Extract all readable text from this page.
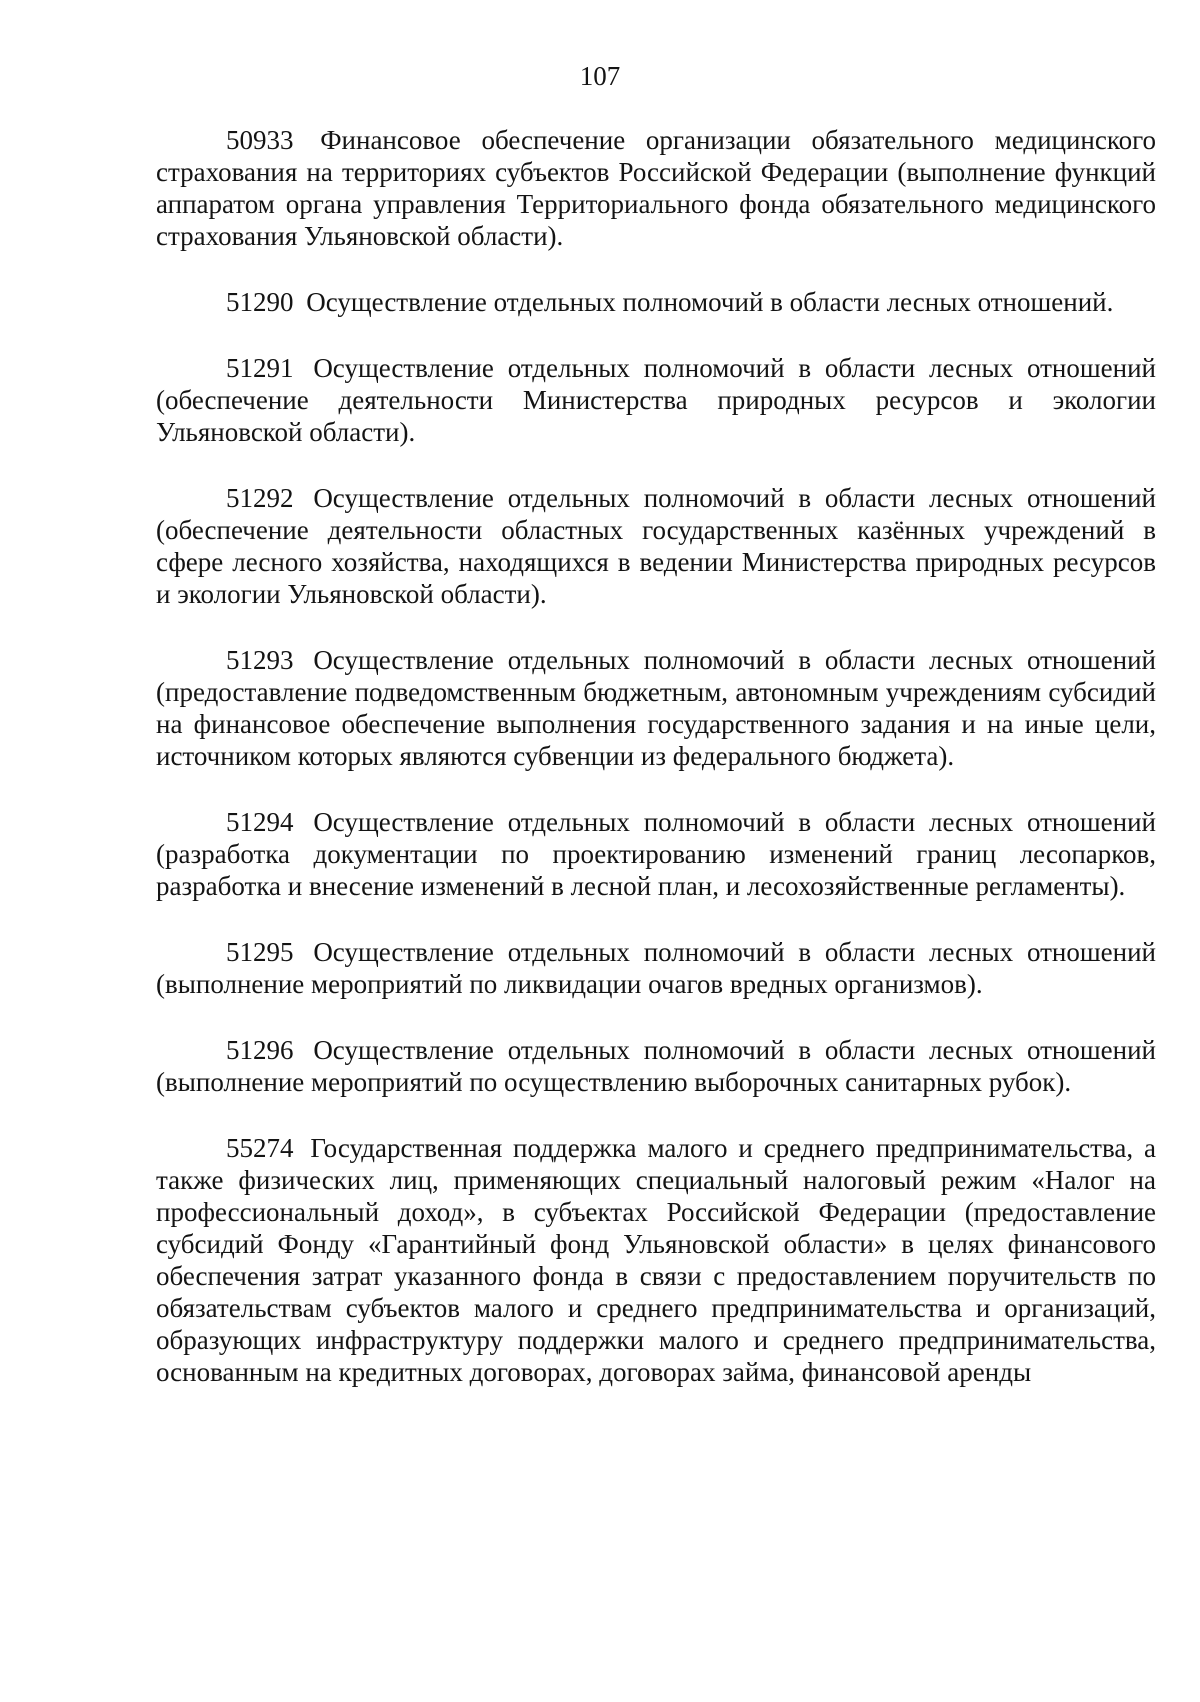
107

50933 Финансовое обеспечение организации обязательного медицинского страхования на территориях субъектов Российской Федерации (выполнение функций аппаратом органа управления Территориального фонда обязательного медицинского страхования Ульяновской области).

51290 Осуществление отдельных полномочий в области лесных отношений.

51291 Осуществление отдельных полномочий в области лесных отношений (обеспечение деятельности Министерства природных ресурсов и экологии Ульяновской области).

51292 Осуществление отдельных полномочий в области лесных отношений (обеспечение деятельности областных государственных казённых учреждений в сфере лесного хозяйства, находящихся в ведении Министерства природных ресурсов и экологии Ульяновской области).

51293 Осуществление отдельных полномочий в области лесных отношений (предоставление подведомственным бюджетным, автономным учреждениям субсидий на финансовое обеспечение выполнения государственного задания и на иные цели, источником которых являются субвенции из федерального бюджета).

51294 Осуществление отдельных полномочий в области лесных отношений (разработка документации по проектированию изменений границ лесопарков, разработка и внесение изменений в лесной план, и лесохозяйственные регламенты).

51295 Осуществление отдельных полномочий в области лесных отношений (выполнение мероприятий по ликвидации очагов вредных организмов).

51296 Осуществление отдельных полномочий в области лесных отношений (выполнение мероприятий по осуществлению выборочных санитарных рубок).

55274 Государственная поддержка малого и среднего предпринимательства, а также физических лиц, применяющих специальный налоговый режим «Налог на профессиональный доход», в субъектах Российской Федерации (предоставление субсидий Фонду «Гарантийный фонд Ульяновской области» в целях финансового обеспечения затрат указанного фонда в связи с предоставлением поручительств по обязательствам субъектов малого и среднего предпринимательства и организаций, образующих инфраструктуру поддержки малого и среднего предпринимательства, основанным на кредитных договорах, договорах займа, финансовой аренды
